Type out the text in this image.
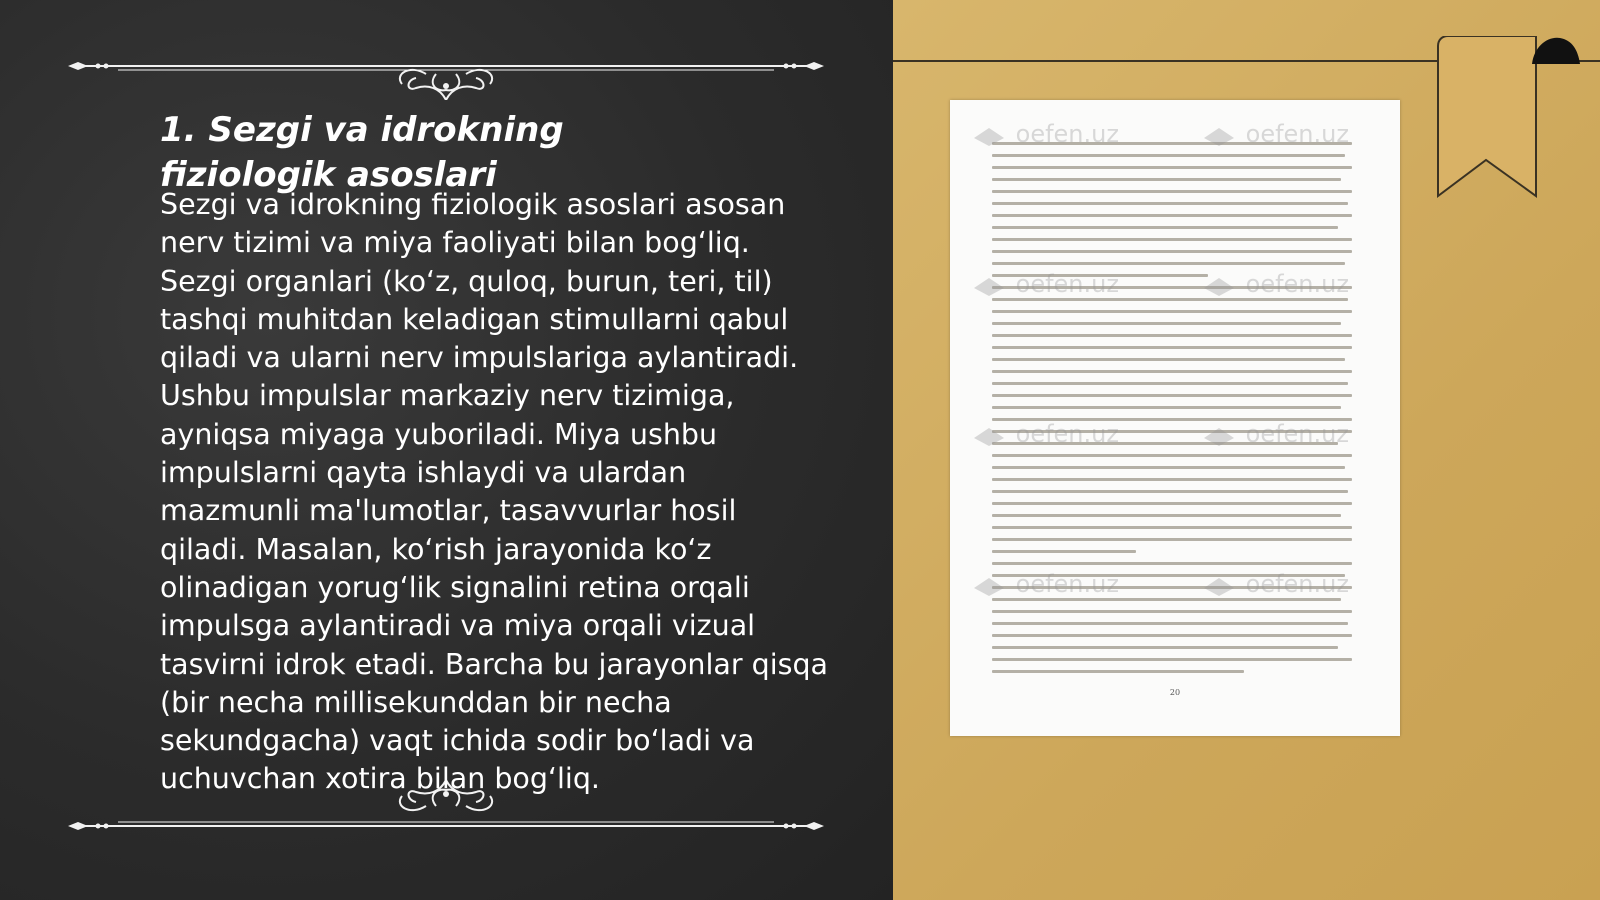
1. Sezgi va idrokning fiziologik asoslari

Sezgi va idrokning fiziologik asoslari asosan nerv tizimi va miya faoliyati bilan bog‘liq. Sezgi organlari (ko‘z, quloq, burun, teri, til) tashqi muhitdan keladigan stimullarni qabul qiladi va ularni nerv impulslariga aylantiradi. Ushbu impulslar markaziy nerv tizimiga, ayniqsa miyaga yuboriladi. Miya ushbu impulslarni qayta ishlaydi va ulardan mazmunli ma'lumotlar, tasavvurlar hosil qiladi. Masalan, ko‘rish jarayonida ko‘z olinadigan yorug‘lik signalini retina orqali impulsga aylantiradi va miya orqali vizual tasvirni idrok etadi. Barcha bu jarayonlar qisqa (bir necha millisekunddan bir necha sekundgacha) vaqt ichida sodir bo‘ladi va uchuvchan xotira bilan bog‘liq.

oefen.uz	oefen.uz
oefen.uz	oefen.uz
oefen.uz	oefen.uz
oefen.uz	oefen.uz
20
